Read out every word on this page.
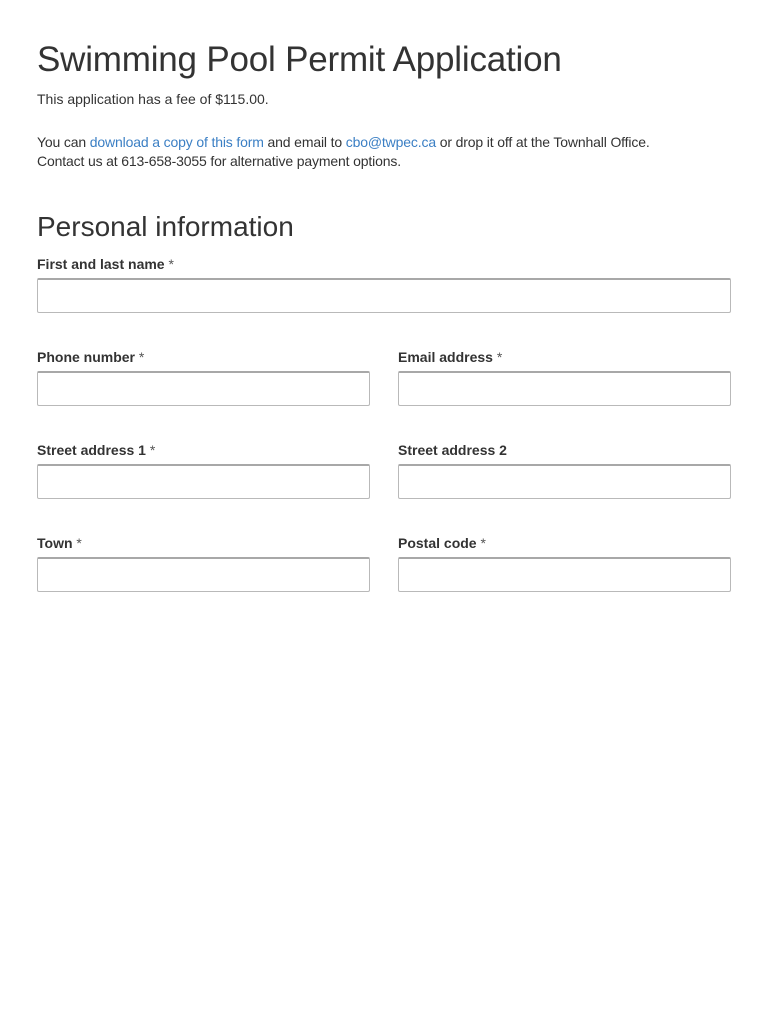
Swimming Pool Permit Application

This application has a fee of $115.00.

You can download a copy of this form and email to cbo@twpec.ca or drop it off at the Townhall Office.
Contact us at 613-658-3055 for alternative payment options.

Personal information
First and last name *
Phone number *	Email address *
Street address 1 *	Street address 2
Town *	Postal code *
